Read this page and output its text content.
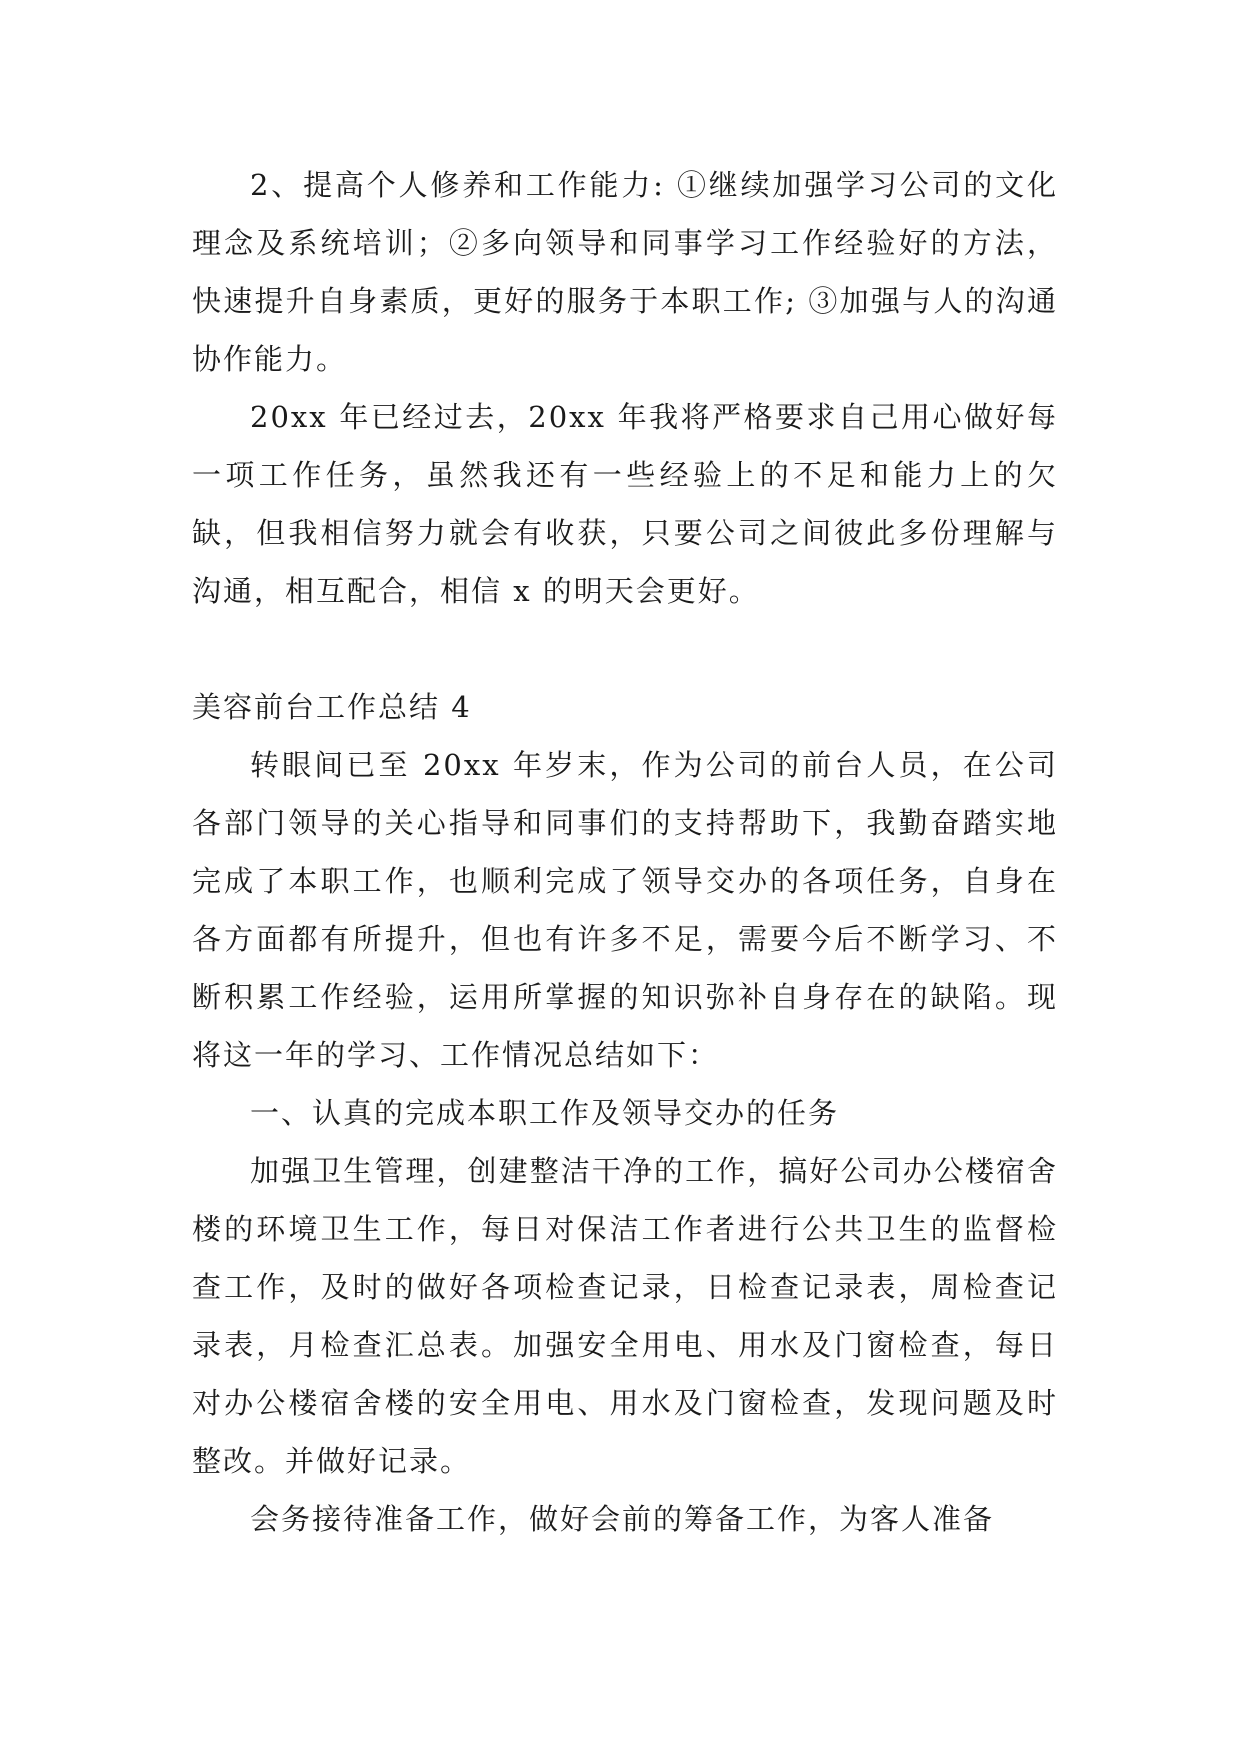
2、提高个人修养和工作能力: ①继续加强学习公司的文化理念及系统培训；②多向领导和同事学习工作经验好的方法，快速提升自身素质，更好的服务于本职工作; ③加强与人的沟通协作能力。

20xx 年已经过去，20xx 年我将严格要求自己用心做好每一项工作任务，虽然我还有一些经验上的不足和能力上的欠缺，但我相信努力就会有收获，只要公司之间彼此多份理解与沟通，相互配合，相信 x 的明天会更好。

美容前台工作总结 4

转眼间已至 20xx 年岁末，作为公司的前台人员，在公司各部门领导的关心指导和同事们的支持帮助下，我勤奋踏实地完成了本职工作，也顺利完成了领导交办的各项任务，自身在各方面都有所提升，但也有许多不足，需要今后不断学习、不断积累工作经验，运用所掌握的知识弥补自身存在的缺陷。现将这一年的学习、工作情况总结如下：

一、认真的完成本职工作及领导交办的任务

加强卫生管理，创建整洁干净的工作，搞好公司办公楼宿舍楼的环境卫生工作，每日对保洁工作者进行公共卫生的监督检查工作，及时的做好各项检查记录，日检查记录表，周检查记录表，月检查汇总表。加强安全用电、用水及门窗检查，每日对办公楼宿舍楼的安全用电、用水及门窗检查，发现问题及时整改。并做好记录。

会务接待准备工作，做好会前的筹备工作，为客人准备
